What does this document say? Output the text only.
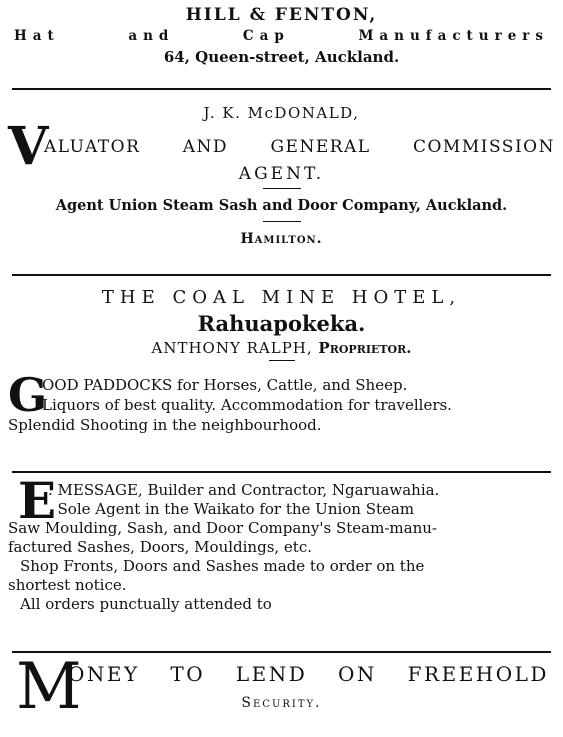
HILL & FENTON,
Hat	and	Cap	Manufacturers
64, Queen-street, Auckland.
J. K. McDONALD,
V
ALUATOR AND GENERAL COMMISSION
AGENT.
Agent Union Steam Sash and Door Company, Auckland.
Hamilton.
THE COAL MINE HOTEL,
Rahuapokeka.
ANTHONY RALPH, Proprietor.
G
OOD PADDOCKS for Horses, Cattle, and Sheep.
Liquors of best quality. Accommodation for travellers.
Splendid Shooting in the neighbourhood.
E
. MESSAGE, Builder and Contractor, Ngaruawahia.
. Sole Agent in the Waikato for the Union Steam
Saw Moulding, Sash, and Door Company's Steam-manu-
factured Sashes, Doors, Mouldings, etc.
Shop Fronts, Doors and Sashes made to order on the
shortest notice.
All orders punctually attended to
M
ONEY TO LEND ON FREEHOLD
Security.
